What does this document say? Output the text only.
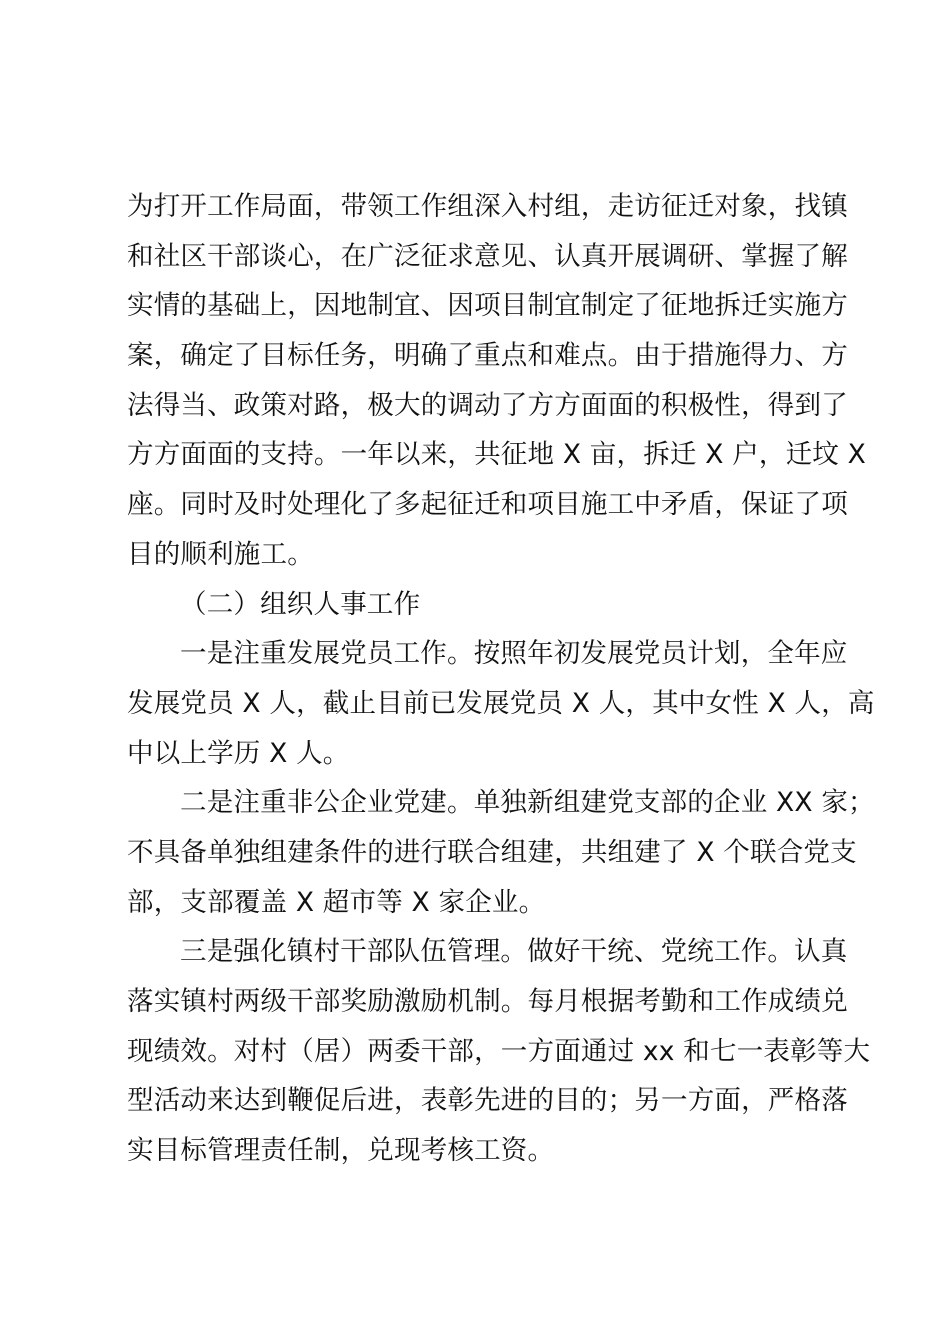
为打开工作局面，带领工作组深入村组，走访征迁对象，找镇
和社区干部谈心，在广泛征求意见、认真开展调研、掌握了解
实情的基础上，因地制宜、因项目制宜制定了征地拆迁实施方
案，确定了目标任务，明确了重点和难点。由于措施得力、方
法得当、政策对路，极大的调动了方方面面的积极性，得到了
方方面面的支持。一年以来，共征地 X 亩，拆迁 X 户，迁坟 X
座。同时及时处理化了多起征迁和项目施工中矛盾，保证了项
目的顺利施工。
（二）组织人事工作
一是注重发展党员工作。按照年初发展党员计划，全年应
发展党员 X 人，截止目前已发展党员 X 人，其中女性 X 人，高
中以上学历 X 人。
二是注重非公企业党建。单独新组建党支部的企业 XX 家；
不具备单独组建条件的进行联合组建，共组建了 X 个联合党支
部，支部覆盖 X 超市等 X 家企业。
三是强化镇村干部队伍管理。做好干统、党统工作。认真
落实镇村两级干部奖励激励机制。每月根据考勤和工作成绩兑
现绩效。对村（居）两委干部，一方面通过 xx 和七一表彰等大
型活动来达到鞭促后进，表彰先进的目的；另一方面，严格落
实目标管理责任制，兑现考核工资。
